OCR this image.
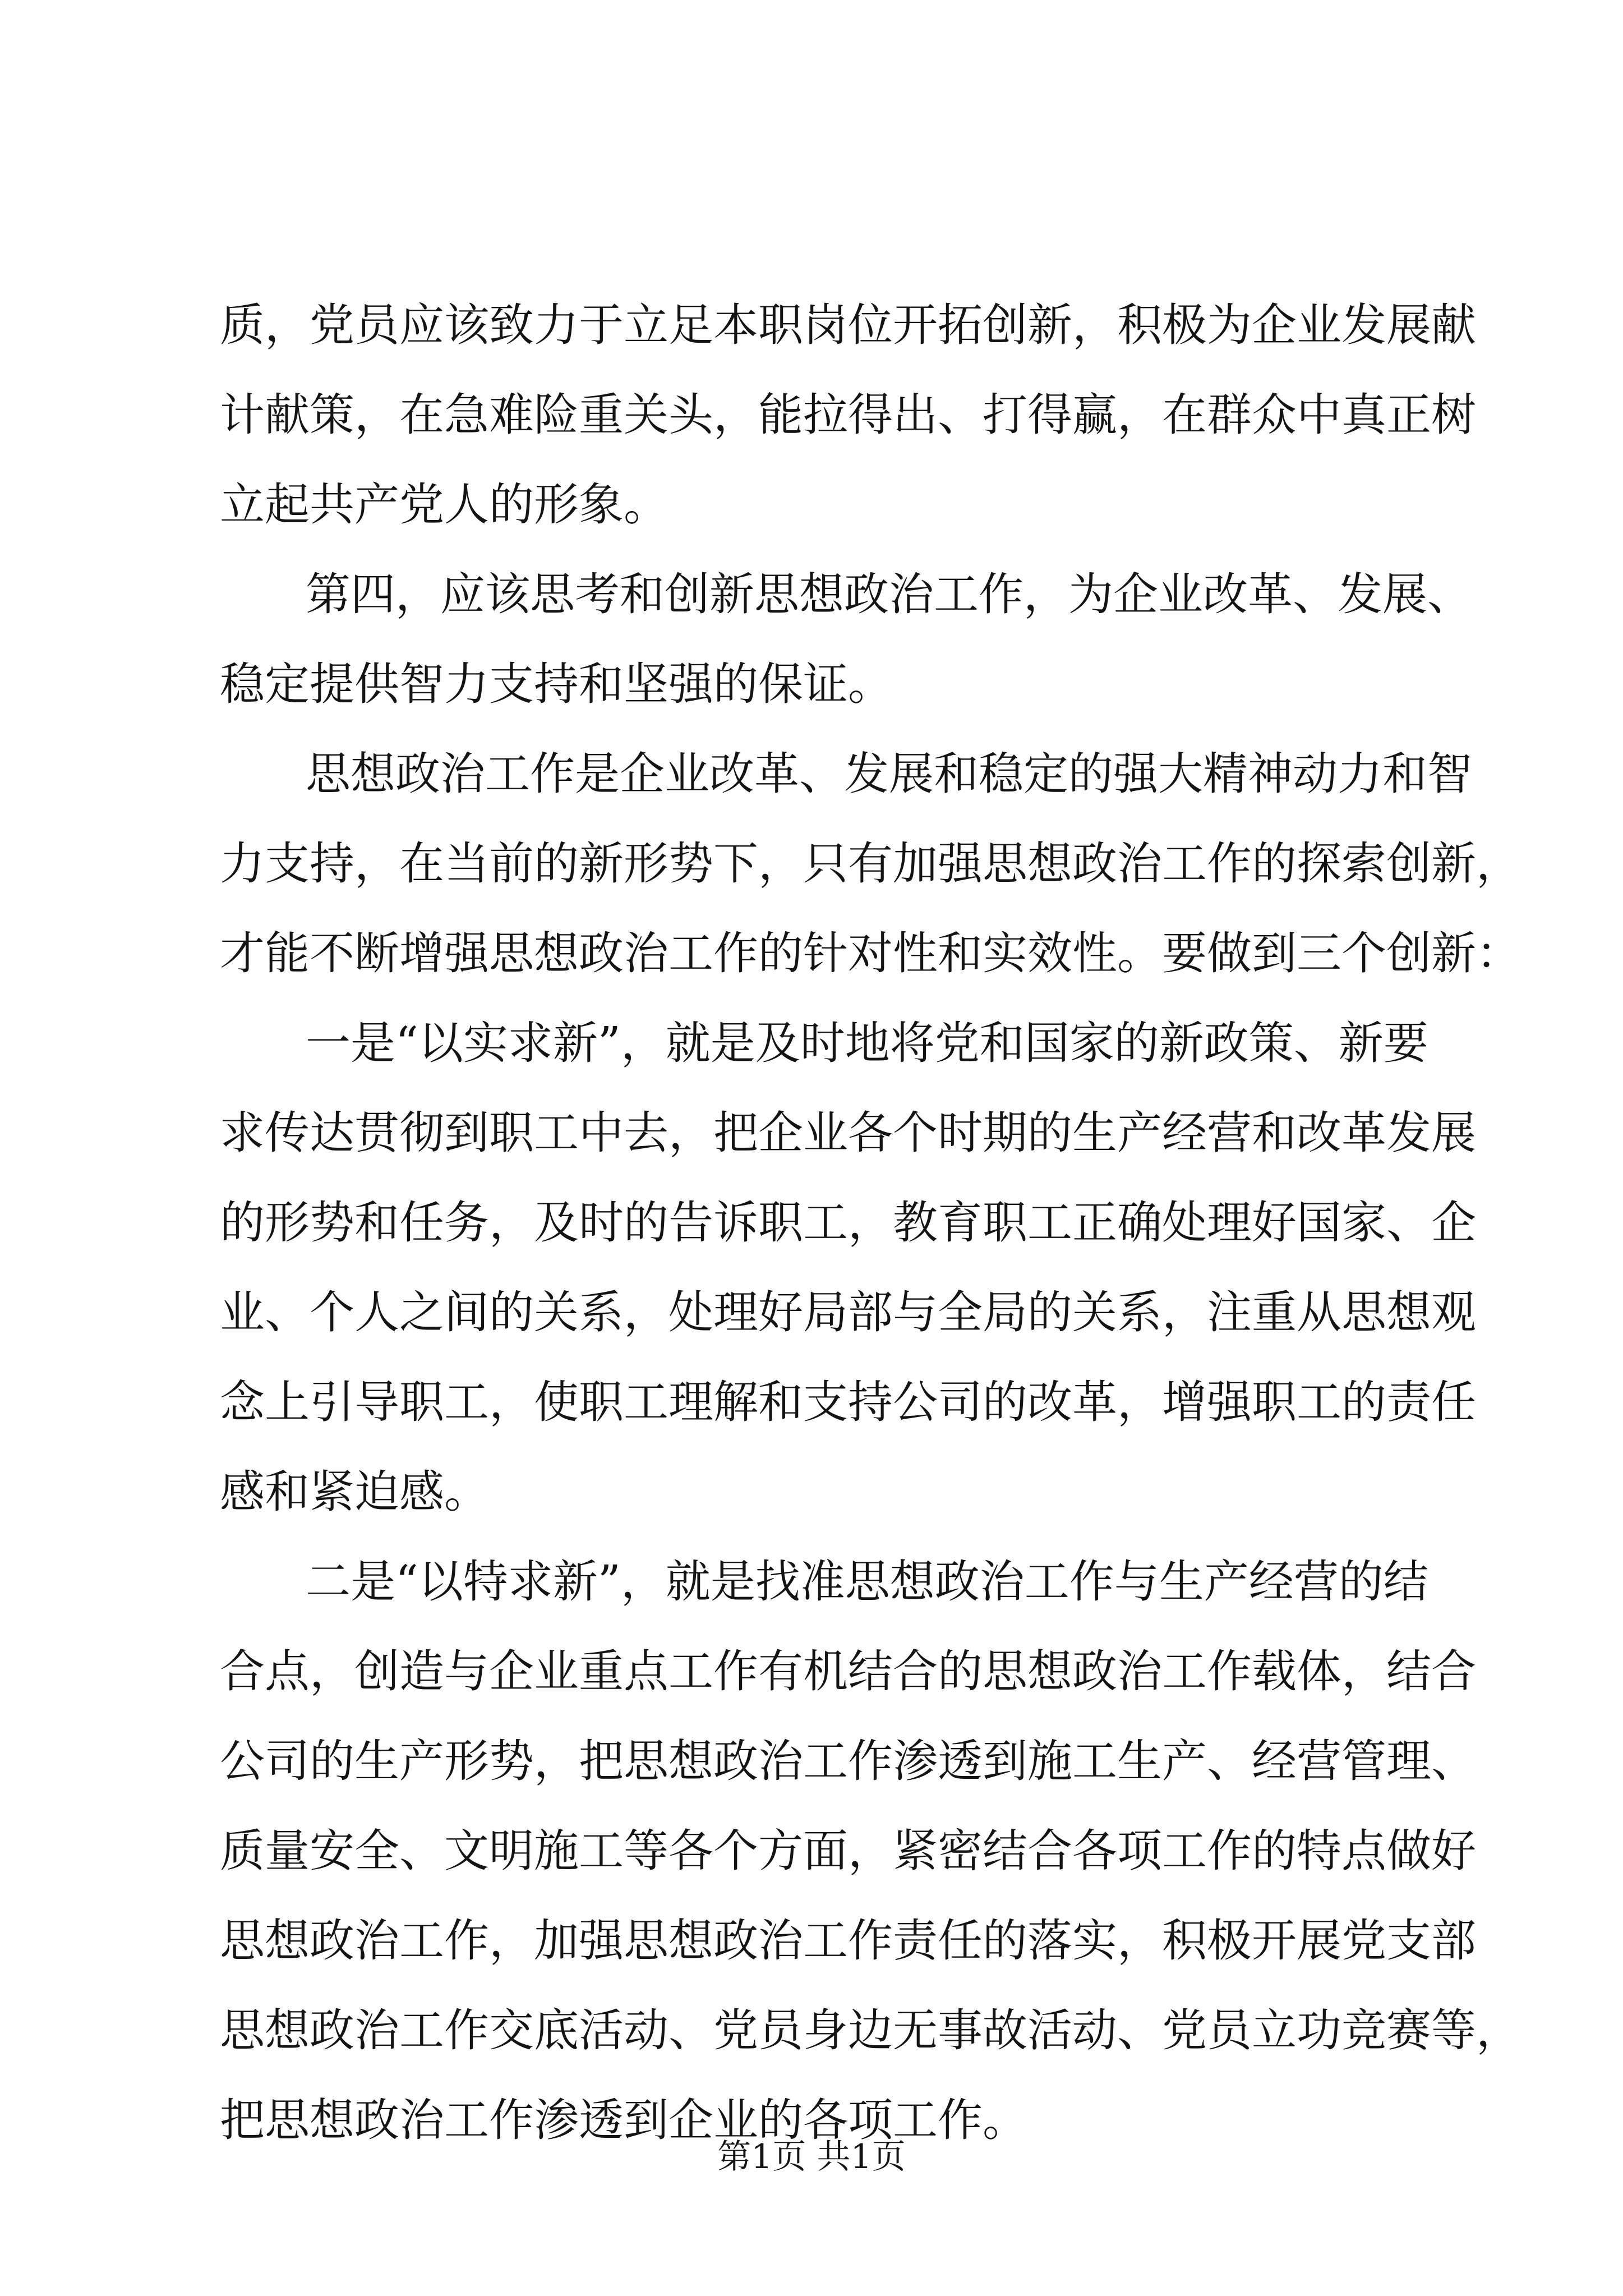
质，党员应该致力于立足本职岗位开拓创新，积极为企业发展献
计献策，在急难险重关头，能拉得出、打得赢，在群众中真正树
立起共产党人的形象。
第四，应该思考和创新思想政治工作，为企业改革、发展、
稳定提供智力支持和坚强的保证。
思想政治工作是企业改革、发展和稳定的强大精神动力和智
力支持，在当前的新形势下，只有加强思想政治工作的探索创新，
才能不断增强思想政治工作的针对性和实效性。要做到三个创新：
一是“以实求新”，就是及时地将党和国家的新政策、新要
求传达贯彻到职工中去，把企业各个时期的生产经营和改革发展
的形势和任务，及时的告诉职工，教育职工正确处理好国家、企
业、个人之间的关系，处理好局部与全局的关系，注重从思想观
念上引导职工，使职工理解和支持公司的改革，增强职工的责任
感和紧迫感。
二是“以特求新”，就是找准思想政治工作与生产经营的结
合点，创造与企业重点工作有机结合的思想政治工作载体，结合
公司的生产形势，把思想政治工作渗透到施工生产、经营管理、
质量安全、文明施工等各个方面，紧密结合各项工作的特点做好
思想政治工作，加强思想政治工作责任的落实，积极开展党支部
思想政治工作交底活动、党员身边无事故活动、党员立功竞赛等，
把思想政治工作渗透到企业的各项工作。
第1页 共1页
